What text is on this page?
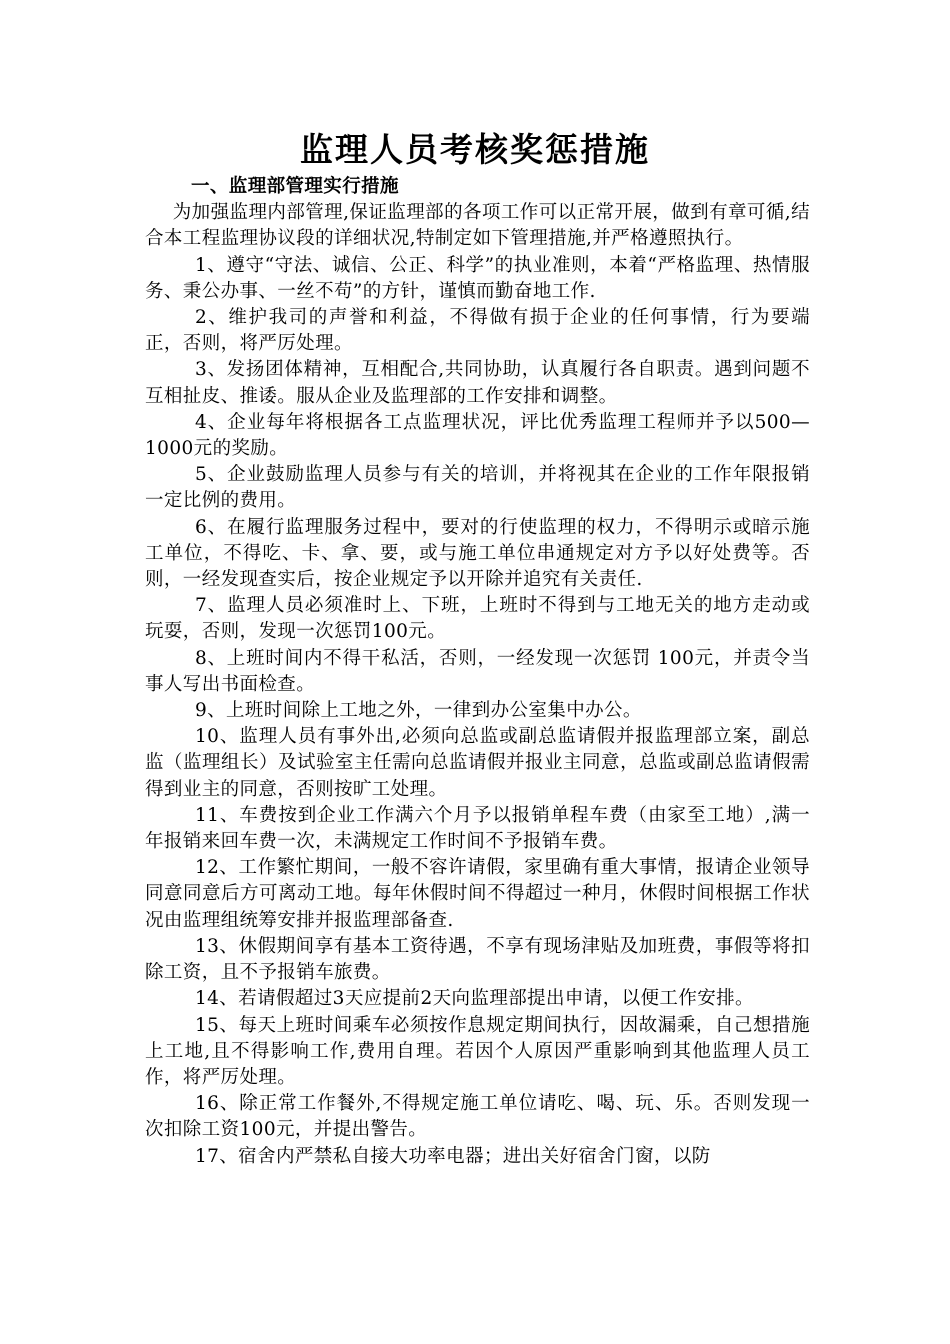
监理人员考核奖惩措施

一、监理部管理实行措施

为加强监理内部管理,保证监理部的各项工作可以正常开展，做到有章可循,结合本工程监理协议段的详细状况,特制定如下管理措施,并严格遵照执行。

1、遵守“守法、诚信、公正、科学”的执业准则，本着“严格监理、热情服务、秉公办事、一丝不苟”的方针，谨慎而勤奋地工作.

2、维护我司的声誉和利益，不得做有损于企业的任何事情，行为要端正，否则，将严厉处理。

3、发扬团体精神，互相配合,共同协助，认真履行各自职责。遇到问题不互相扯皮、推诿。服从企业及监理部的工作安排和调整。

4、企业每年将根据各工点监理状况，评比优秀监理工程师并予以500—1000元的奖励。

5、企业鼓励监理人员参与有关的培训，并将视其在企业的工作年限报销一定比例的费用。

6、在履行监理服务过程中，要对的行使监理的权力，不得明示或暗示施工单位，不得吃、卡、拿、要，或与施工单位串通规定对方予以好处费等。否则，一经发现查实后，按企业规定予以开除并追究有关责任.

7、监理人员必须准时上、下班，上班时不得到与工地无关的地方走动或玩耍，否则，发现一次惩罚100元。

8、上班时间内不得干私活，否则，一经发现一次惩罚 100元，并责令当事人写出书面检查。

9、上班时间除上工地之外，一律到办公室集中办公。

10、监理人员有事外出,必须向总监或副总监请假并报监理部立案，副总监（监理组长）及试验室主任需向总监请假并报业主同意，总监或副总监请假需得到业主的同意，否则按旷工处理。

11、车费按到企业工作满六个月予以报销单程车费（由家至工地）,满一年报销来回车费一次，未满规定工作时间不予报销车费。

12、工作繁忙期间，一般不容许请假，家里确有重大事情，报请企业领导同意同意后方可离动工地。每年休假时间不得超过一种月，休假时间根据工作状况由监理组统筹安排并报监理部备查.

13、休假期间享有基本工资待遇，不享有现场津贴及加班费，事假等将扣除工资，且不予报销车旅费。

14、若请假超过3天应提前2天向监理部提出申请，以便工作安排。

15、每天上班时间乘车必须按作息规定期间执行，因故漏乘，自己想措施上工地,且不得影响工作,费用自理。若因个人原因严重影响到其他监理人员工作，将严厉处理。

16、除正常工作餐外,不得规定施工单位请吃、喝、玩、乐。否则发现一次扣除工资100元，并提出警告。

17、宿舍内严禁私自接大功率电器；进出关好宿舍门窗，以防
